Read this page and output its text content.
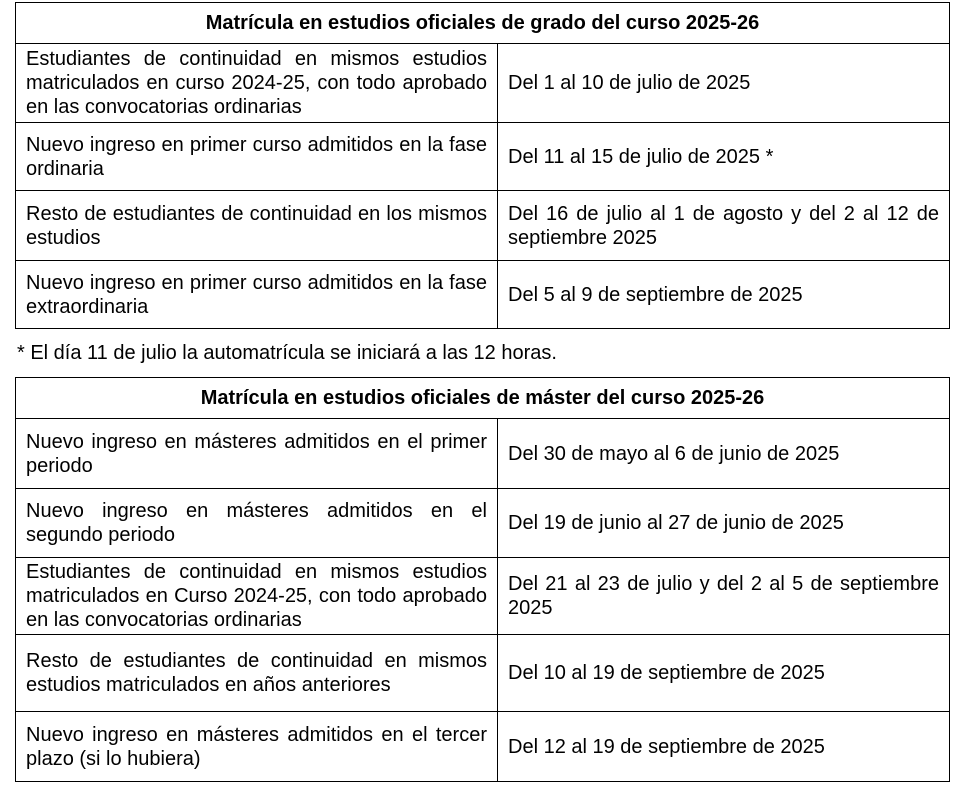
Matrícula en estudios oficiales de grado del curso 2025-26	
Estudiantes de continuidad en mismos estudios matriculados en curso 2024-25, con todo aprobado en las convocatorias ordinarias	Del 1 al 10 de julio de 2025
Nuevo ingreso en primer curso admitidos en la fase ordinaria	Del 11 al 15 de julio de 2025 *
Resto de estudiantes de continuidad en los mismos estudios	Del 16 de julio al 1 de agosto y del 2 al 12 de septiembre 2025
Nuevo ingreso en primer curso admitidos en la fase extraordinaria	Del 5 al 9 de septiembre de 2025
* El día 11 de julio la automatrícula se iniciará a las 12 horas.
Matrícula en estudios oficiales de máster del curso 2025-26	
Nuevo ingreso en másteres admitidos en el primer periodo	Del 30 de mayo al 6 de junio de 2025
Nuevo ingreso en másteres admitidos en el segundo periodo	Del 19 de junio al 27 de junio de 2025
Estudiantes de continuidad en mismos estudios matriculados en Curso 2024-25, con todo aprobado en las convocatorias ordinarias	Del 21 al 23 de julio y del 2 al 5 de septiembre 2025
Resto de estudiantes de continuidad en mismos estudios matriculados en años anteriores	Del 10 al 19 de septiembre de 2025
Nuevo ingreso en másteres admitidos en el tercer plazo (si lo hubiera)	Del 12 al 19 de septiembre de 2025
